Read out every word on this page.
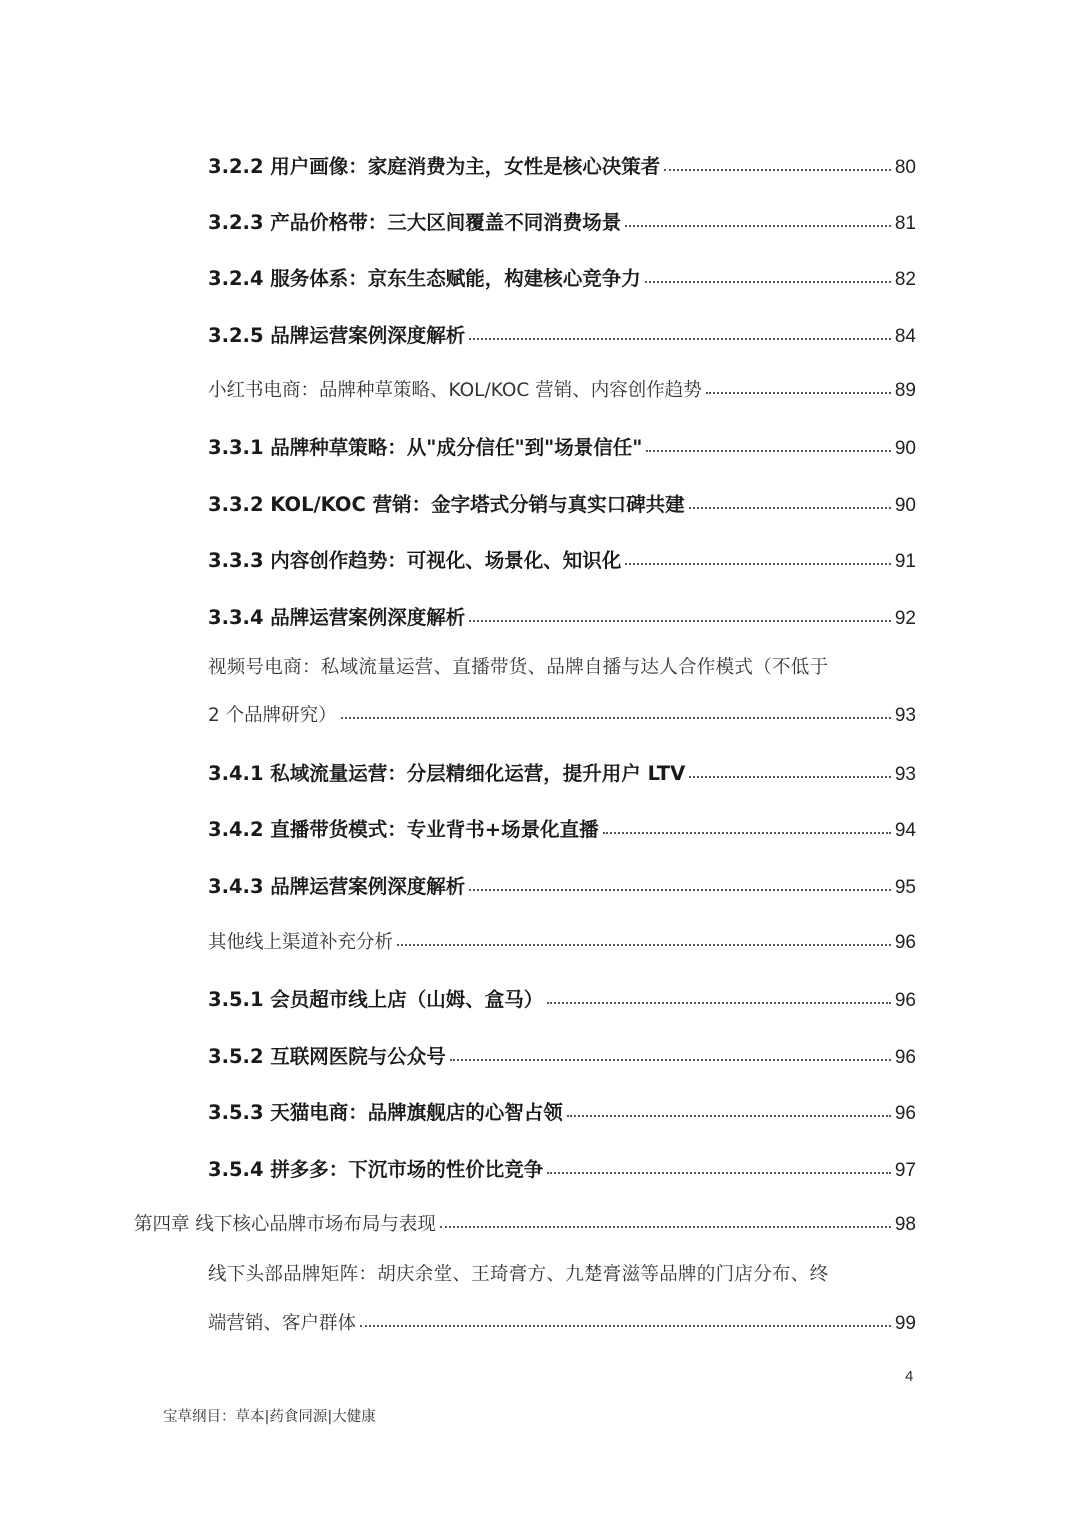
3.2.2 用户画像：家庭消费为主，女性是核心决策者	80
3.2.3 产品价格带：三大区间覆盖不同消费场景	81
3.2.4 服务体系：京东生态赋能，构建核心竞争力	82
3.2.5 品牌运营案例深度解析	84
小红书电商：品牌种草策略、KOL/KOC 营销、内容创作趋势	89
3.3.1 品牌种草策略：从"成分信任"到"场景信任"	90
3.3.2 KOL/KOC 营销：金字塔式分销与真实口碑共建	90
3.3.3 内容创作趋势：可视化、场景化、知识化	91
3.3.4 品牌运营案例深度解析	92
视频号电商：私域流量运营、直播带货、品牌自播与达人合作模式（不低于
2 个品牌研究）	93
3.4.1 私域流量运营：分层精细化运营，提升用户 LTV	93
3.4.2 直播带货模式：专业背书+场景化直播	94
3.4.3 品牌运营案例深度解析	95
其他线上渠道补充分析	96
3.5.1 会员超市线上店（山姆、盒马）	96
3.5.2 互联网医院与公众号	96
3.5.3 天猫电商：品牌旗舰店的心智占领	96
3.5.4 拼多多：下沉市场的性价比竞争	97
第四章 线下核心品牌市场布局与表现	98
线下头部品牌矩阵：胡庆余堂、王琦膏方、九楚膏滋等品牌的门店分布、终
端营销、客户群体	99
4
宝草纲目：草本|药食同源|大健康
